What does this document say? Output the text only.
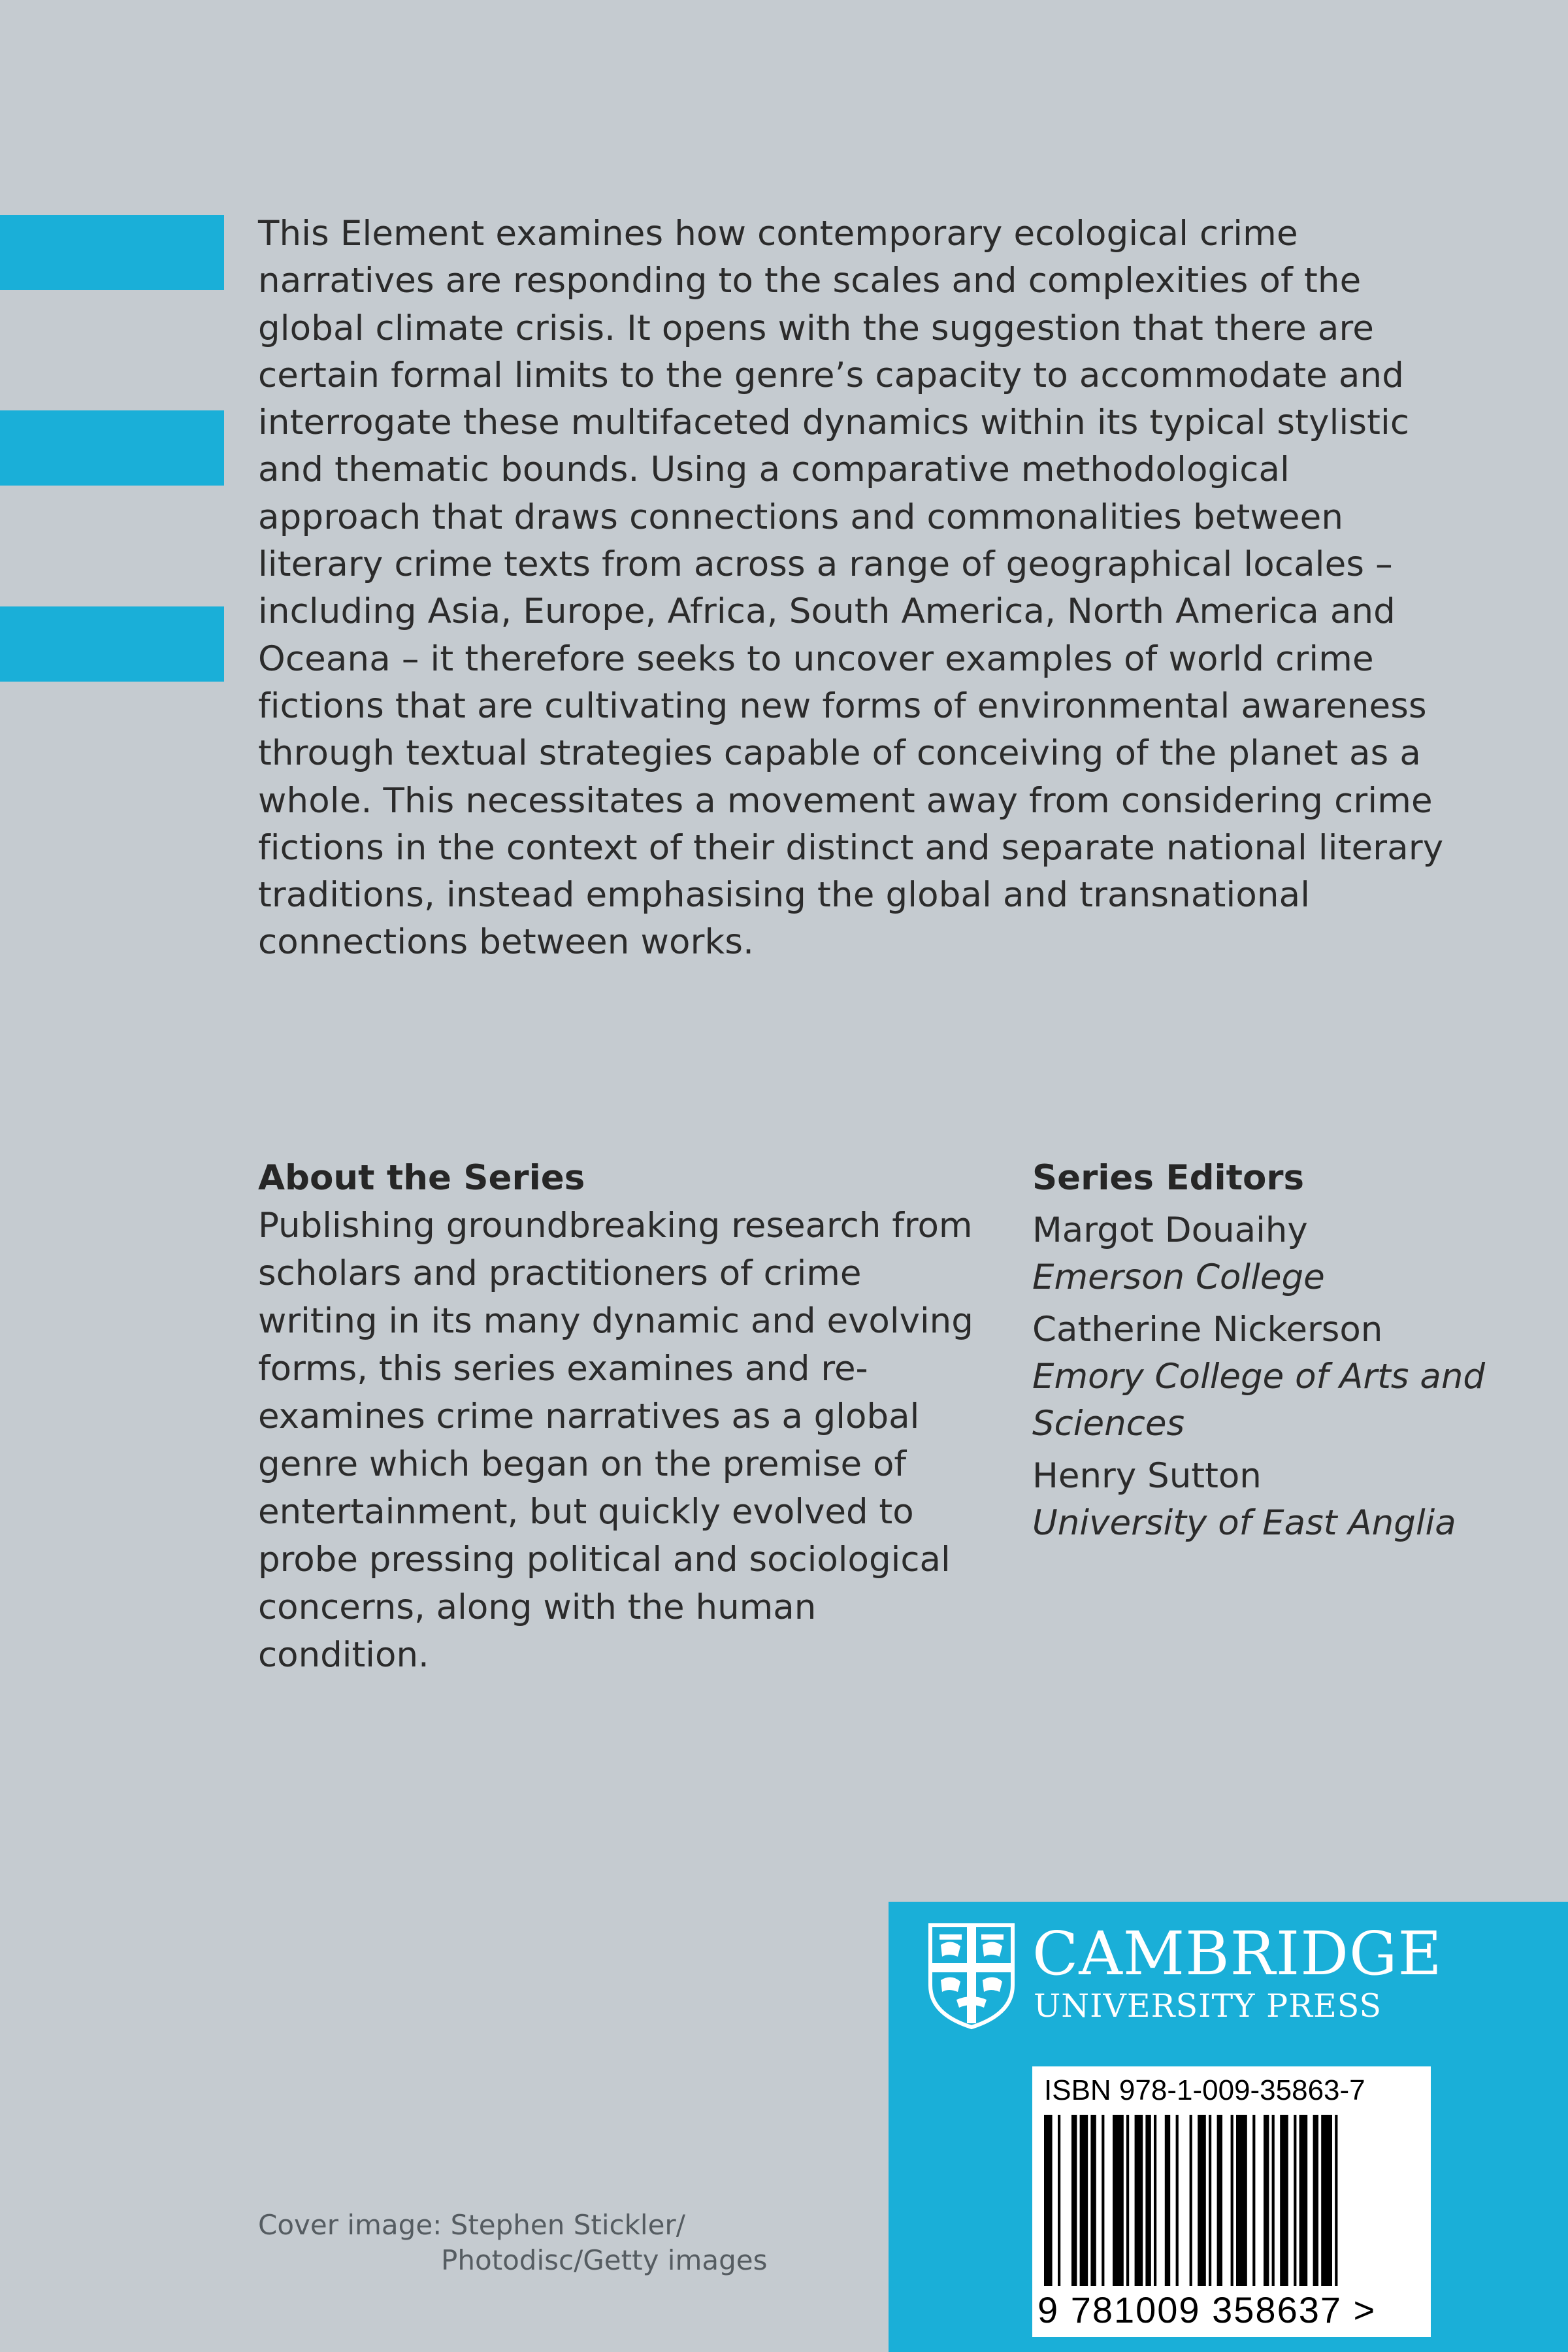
This Element examines how contemporary ecological crime narratives are responding to the scales and complexities of the global climate crisis. It opens with the suggestion that there are certain formal limits to the genre’s capacity to accommodate and interrogate these multifaceted dynamics within its typical stylistic and thematic bounds. Using a comparative methodological approach that draws connections and commonalities between literary crime texts from across a range of geographical locales – including Asia, Europe, Africa, South America, North America and Oceana – it therefore seeks to uncover examples of world crime fictions that are cultivating new forms of environmental awareness through textual strategies capable of conceiving of the planet as a whole. This necessitates a movement away from considering crime fictions in the context of their distinct and separate national literary traditions, instead emphasising the global and transnational connections between works.

About the Series

Publishing groundbreaking research from scholars and practitioners of crime writing in its many dynamic and evolving forms, this series examines and re-examines crime narratives as a global genre which began on the premise of entertainment, but quickly evolved to probe pressing political and sociological concerns, along with the human condition.

Series Editors
Margot Douaihy
Emerson College
Catherine Nickerson
Emory College of Arts and Sciences
Henry Sutton
University of East Anglia
Cover image: Stephen Stickler/
Photodisc/Getty images
CAMBRIDGE
UNIVERSITY PRESS
ISBN 978-1-009-35863-7
9 781009 358637 >
